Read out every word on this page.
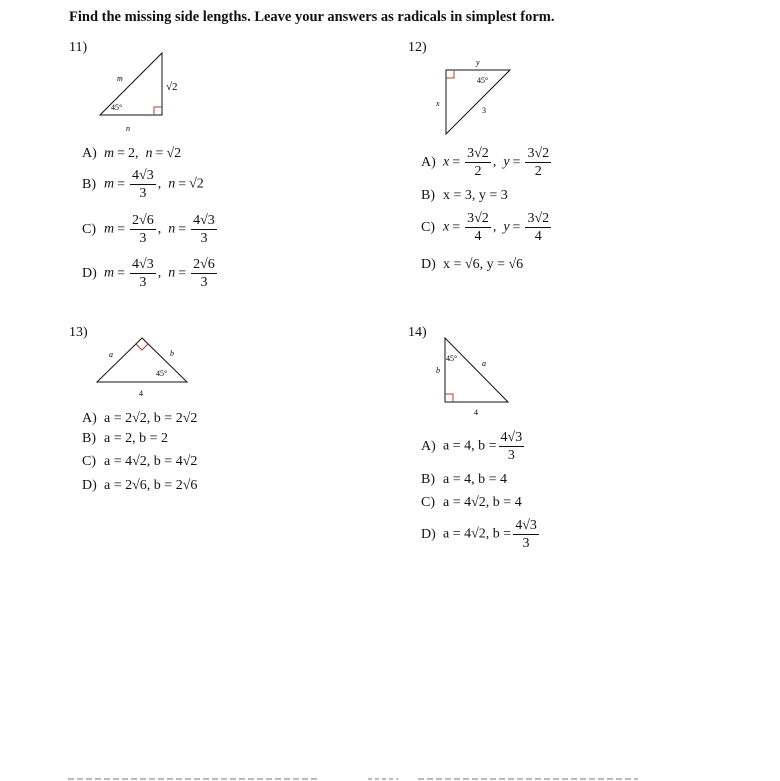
Find the missing side lengths. Leave your answers as radicals in simplest form.
11)
m
√2
45°
n
A) m = 2, n = √2
B) $m = \frac{4√3}{3}$ ,  n = √2
C) $m = \frac{2√6}{3}$ ,  $n = \frac{4√3}{3}$
D) $m = \frac{4√3}{3}$ ,  $n = \frac{2√6}{3}$
12)
y
45°
x
3
A) $x = \frac{3√2}{2}$ ,  $y = \frac{3√2}{2}$
B) x = 3, y = 3
C) $x = \frac{3√2}{4}$ ,  $y = \frac{3√2}{4}$
D) x = √6, y = √6
13)
a	b
45°
4
A) a = 2√2, b = 2√2
B) a = 2, b = 2
C) a = 4√2, b = 4√2
D) a = 2√6, b = 2√6
14)
45°
b
a
4
A) a = 4, $b = \frac{4√3}{3}$
B) a = 4, b = 4
C) a = 4√2, b = 4
D) a = 4√2, $b = \frac{4√3}{3}$
